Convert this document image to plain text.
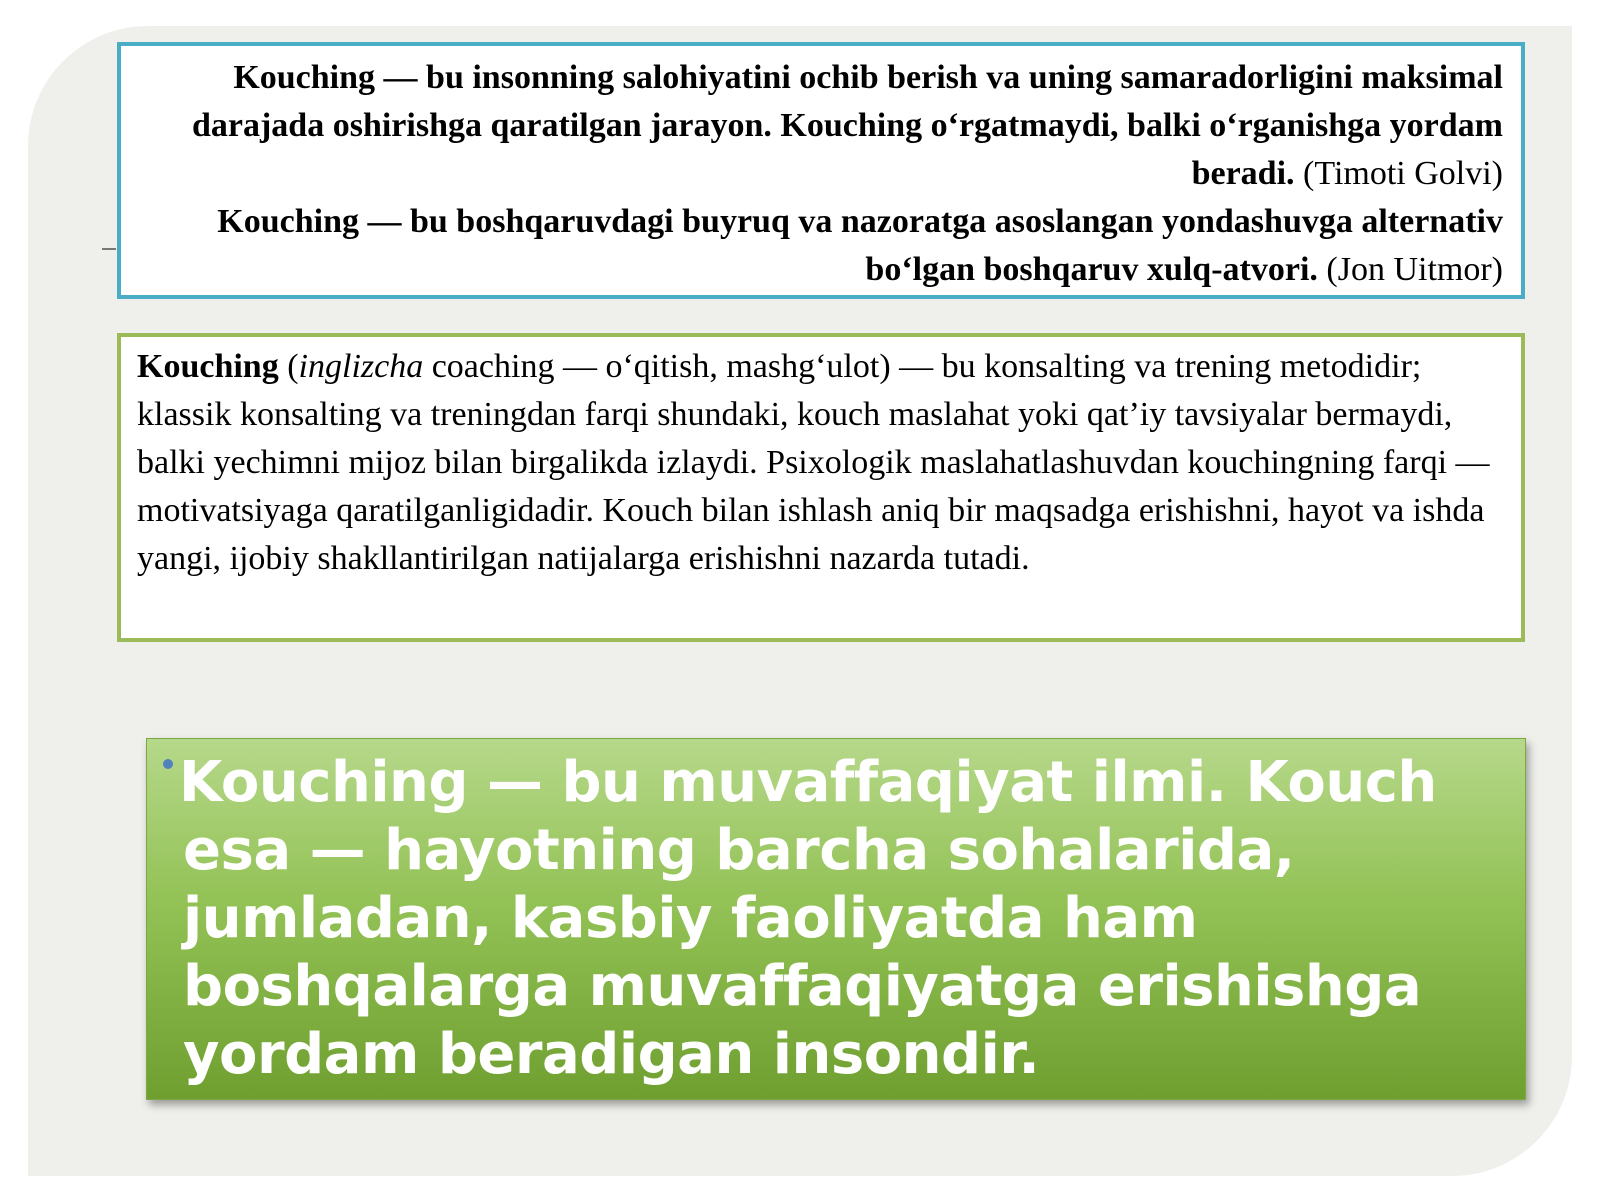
Kouching — bu insonning salohiyatini ochib berish va uning samaradorligini maksimal darajada oshirishga qaratilgan jarayon. Kouching oʻrgatmaydi, balki oʻrganishga yordam beradi. (Timoti Golvi)
Kouching — bu boshqaruvdagi buyruq va nazoratga asoslangan yondashuvga alternativ boʻlgan boshqaruv xulq-atvori. (Jon Uitmor)
Kouching (inglizcha coaching — oʻqitish, mashgʻulot) — bu konsalting va trening metodidir; klassik konsalting va treningdan farqi shundaki, kouch maslahat yoki qat’iy tavsiyalar bermaydi, balki yechimni mijoz bilan birgalikda izlaydi. Psixologik maslahatlashuvdan kouchingning farqi — motivatsiyaga qaratilganligidadir. Kouch bilan ishlash aniq bir maqsadga erishishni, hayot va ishda yangi, ijobiy shakllantirilgan natijalarga erishishni nazarda tutadi.
Kouching — bu muvaffaqiyat ilmi. Kouch esa — hayotning barcha sohalarida, jumladan, kasbiy faoliyatda ham boshqalarga muvaffaqiyatga erishishga yordam beradigan insondir.
